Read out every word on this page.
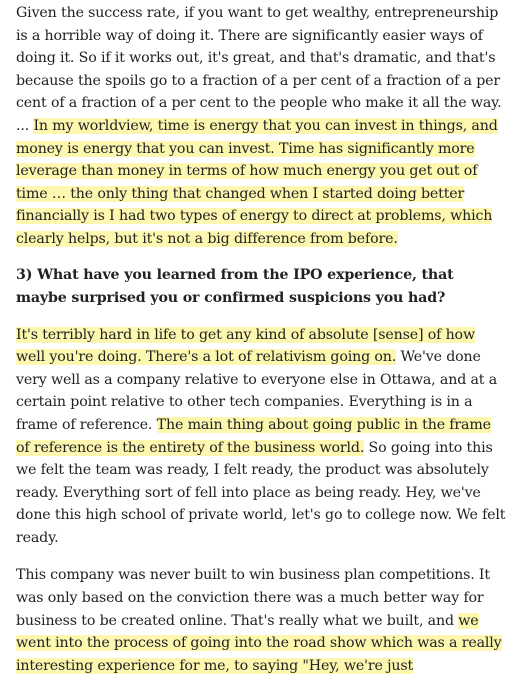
Given the success rate, if you want to get wealthy, entrepreneurship is a horrible way of doing it. There are significantly easier ways of doing it. So if it works out, it's great, and that's dramatic, and that's because the spoils go to a fraction of a per cent of a fraction of a per cent of a fraction of a per cent to the people who make it all the way. ... In my worldview, time is energy that you can invest in things, and money is energy that you can invest. Time has significantly more leverage than money in terms of how much energy you get out of time … the only thing that changed when I started doing better financially is I had two types of energy to direct at problems, which clearly helps, but it's not a big difference from before.

3) What have you learned from the IPO experience, that maybe surprised you or confirmed suspicions you had?

It's terribly hard in life to get any kind of absolute [sense] of how well you're doing. There's a lot of relativism going on. We've done very well as a company relative to everyone else in Ottawa, and at a certain point relative to other tech companies. Everything is in a frame of reference. The main thing about going public in the frame of reference is the entirety of the business world. So going into this we felt the team was ready, I felt ready, the product was absolutely ready. Everything sort of fell into place as being ready. Hey, we've done this high school of private world, let's go to college now. We felt ready.

This company was never built to win business plan competitions. It was only based on the conviction there was a much better way for business to be created online. That's really what we built, and we went into the process of going into the road show which was a really interesting experience for me, to saying "Hey, we're just
